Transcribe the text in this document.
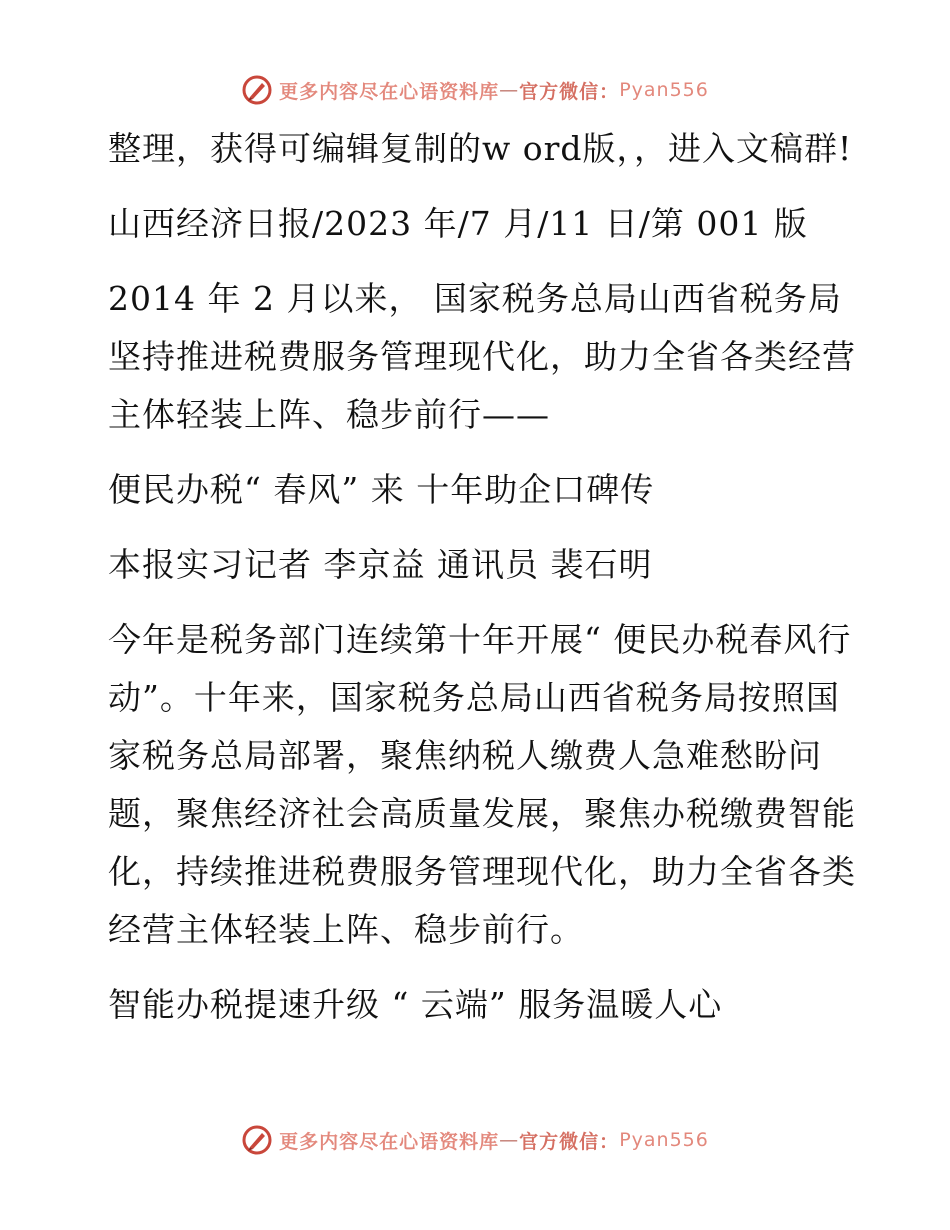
更多内容尽在心语资料库 — 官方微信： Pyan556

整理，获得可编辑复制的w ord版，，进入文稿群!

山西经济日报/2023 年/7 月/11 日/第 001 版

2014 年 2 月以来， 国家税务总局山西省税务局坚持推进税费服务管理现代化，助力全省各类经营主体轻装上阵、稳步前行——

便民办税“ 春风” 来 十年助企口碑传

本报实习记者 李京益 通讯员 裴石明

今年是税务部门连续第十年开展“ 便民办税春风行动”。十年来，国家税务总局山西省税务局按照国家税务总局部署，聚焦纳税人缴费人急难愁盼问题，聚焦经济社会高质量发展，聚焦办税缴费智能化，持续推进税费服务管理现代化，助力全省各类经营主体轻装上阵、稳步前行。

智能办税提速升级 “ 云端” 服务温暖人心

更多内容尽在心语资料库 — 官方微信： Pyan556
